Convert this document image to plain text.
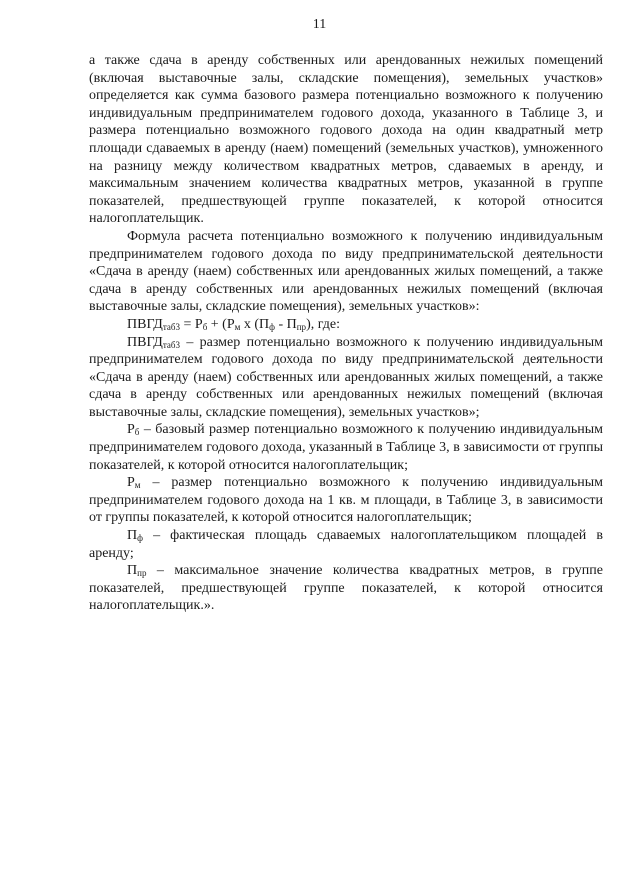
11

а также сдача в аренду собственных или арендованных нежилых помещений (включая выставочные залы, складские помещения), земельных участков» определяется как сумма базового размера потенциально возможного к получению индивидуальным предпринимателем годового дохода, указанного в Таблице 3, и размера потенциально возможного годового дохода на один квадратный метр площади сдаваемых в аренду (наем) помещений (земельных участков), умноженного на разницу между количеством квадратных метров, сдаваемых в аренду, и максимальным значением количества квадратных метров, указанной в группе показателей, предшествующей группе показателей, к которой относится налогоплательщик.

Формула расчета потенциально возможного к получению индивидуальным предпринимателем годового дохода по виду предпринимательской деятельности «Сдача в аренду (наем) собственных или арендованных жилых помещений, а также сдача в аренду собственных или арендованных нежилых помещений (включая выставочные залы, складские помещения), земельных участков»:

$ПВГД_{таб3} = Р_б + (Р_м$ х $(П_ф - П_{пр})$, где:

$ПВГД_{таб3}$ – размер потенциально возможного к получению индивидуальным предпринимателем годового дохода по виду предпринимательской деятельности «Сдача в аренду (наем) собственных или арендованных жилых помещений, а также сдача в аренду собственных или арендованных нежилых помещений (включая выставочные залы, складские помещения), земельных участков»;

$Р_б$ – базовый размер потенциально возможного к получению индивидуальным предпринимателем годового дохода, указанный в Таблице 3, в зависимости от группы показателей, к которой относится налогоплательщик;

$Р_м$ – размер потенциально возможного к получению индивидуальным предпринимателем годового дохода на 1 кв. м площади, в Таблице 3, в зависимости от группы показателей, к которой относится налогоплательщик;

$П_ф$ – фактическая площадь сдаваемых налогоплательщиком площадей в аренду;

$П_{пр}$ – максимальное значение количества квадратных метров, в группе показателей, предшествующей группе показателей, к которой относится налогоплательщик.».
